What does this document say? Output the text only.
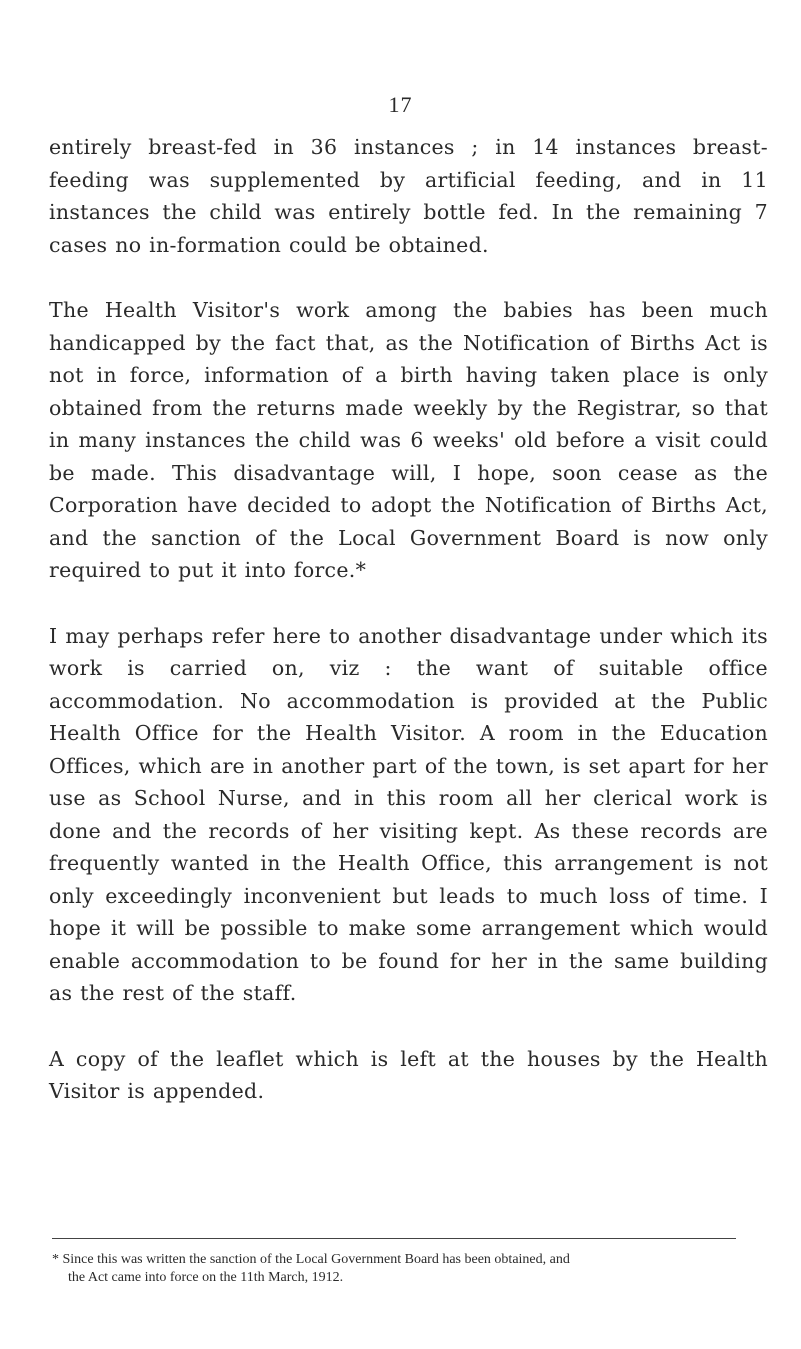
17

entirely breast-fed in 36 instances ; in 14 instances breast-feeding was supplemented by artificial feeding, and in 11 instances the child was entirely bottle fed. In the remaining 7 cases no in-formation could be obtained.

The Health Visitor's work among the babies has been much handicapped by the fact that, as the Notification of Births Act is not in force, information of a birth having taken place is only obtained from the returns made weekly by the Registrar, so that in many instances the child was 6 weeks' old before a visit could be made. This disadvantage will, I hope, soon cease as the Corporation have decided to adopt the Notification of Births Act, and the sanction of the Local Government Board is now only required to put it into force.*

I may perhaps refer here to another disadvantage under which its work is carried on, viz : the want of suitable office accommodation. No accommodation is provided at the Public Health Office for the Health Visitor. A room in the Education Offices, which are in another part of the town, is set apart for her use as School Nurse, and in this room all her clerical work is done and the records of her visiting kept. As these records are frequently wanted in the Health Office, this arrangement is not only exceedingly inconvenient but leads to much loss of time. I hope it will be possible to make some arrangement which would enable accommodation to be found for her in the same building as the rest of the staff.

A copy of the leaflet which is left at the houses by the Health Visitor is appended.

* Since this was written the sanction of the Local Government Board has been obtained, and
the Act came into force on the 11th March, 1912.
